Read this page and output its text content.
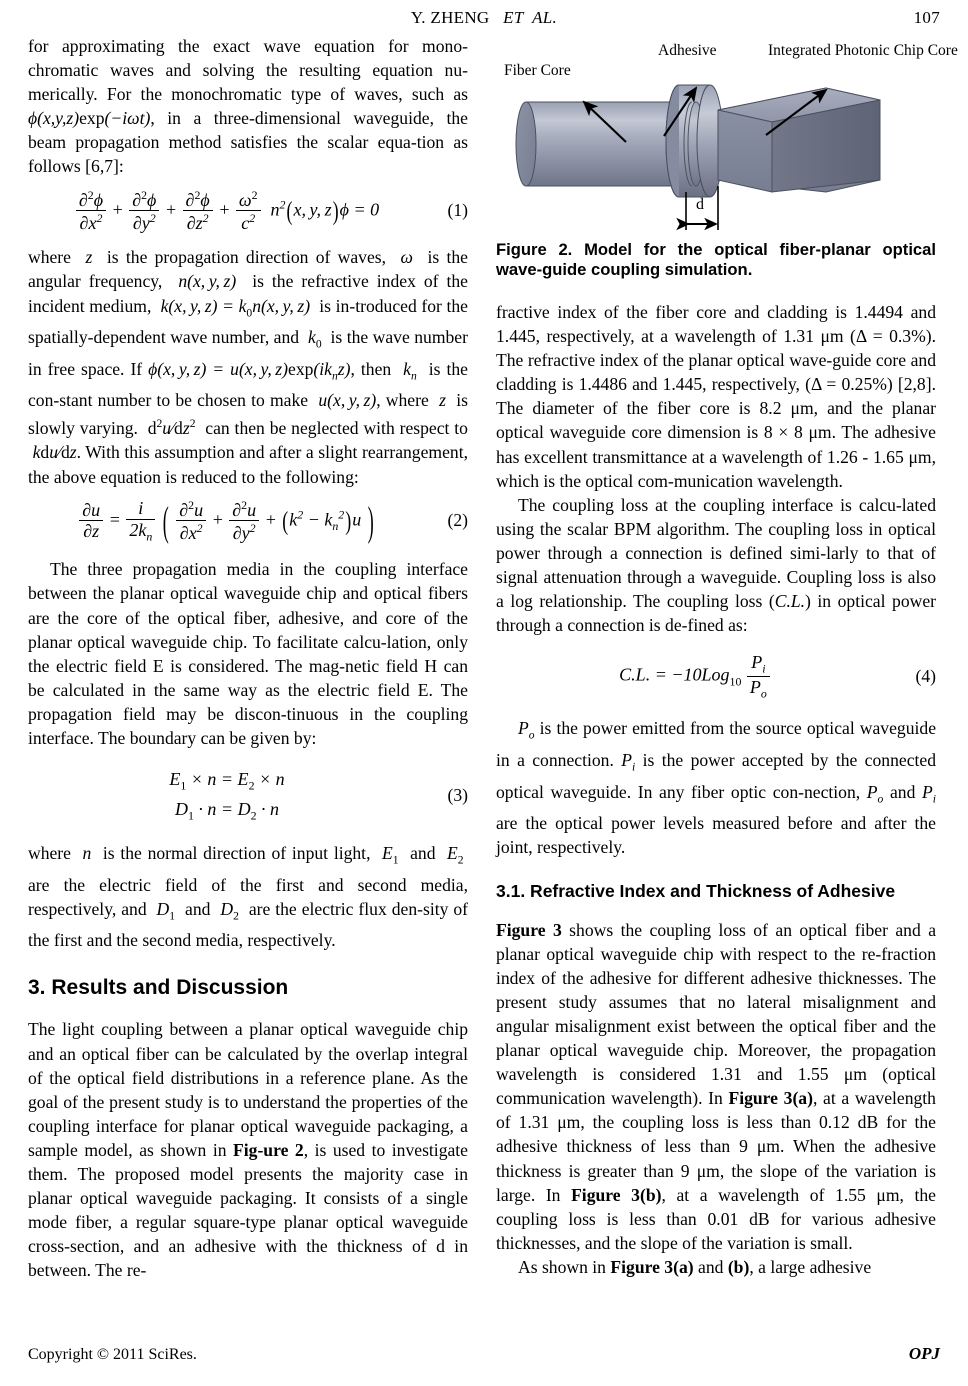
Y. ZHENG ET  AL.	107

for approximating the exact wave equation for mono-chromatic waves and solving the resulting equation nu-merically. For the monochromatic type of waves, such as ϕ(x,y,z)exp(−iωt), in a three-dimensional waveguide, the beam propagation method satisfies the scalar equa-tion as follows [6,7]:

$\frac{\partial^2\phi}{\partial x^2} + \frac{\partial^2\phi}{\partial y^2} + \frac{\partial^2\phi}{\partial z^2} + \frac{\omega^2}{c^2} n^2(x$, y, z)ϕ = 0	(1)

where  z  is the propagation direction of waves,  ω  is the angular frequency,  n(x, y, z)  is the refractive index of the incident medium,  k(x, y, $z) = k_0n(x$, y, z)  is in-troduced for the spatially-dependent wave number, and  $k_0$ is the wave number in free space. If ϕ(x, y, z) = u(x, y, $z)\exp(ik_nz)$, then  $k_n$ is the con-stant number to be chosen to make  u(x, y, z), where  z  is slowly varying. $d^2u⁄dz^2$ can then be neglected with respect to  kdu⁄dz. With this assumption and after a slight rearrangement, the above equation is reduced to the following:

$\frac{\partial u}{\partial z} = \frac{i}{2k_n}$ ( $\frac{\partial^2u}{\partial x^2} + \frac{\partial^2u}{\partial y^2} + (k^2 - k_n^2)u$ )	(2)

The three propagation media in the coupling interface between the planar optical waveguide chip and optical fibers are the core of the optical fiber, adhesive, and core of the planar optical waveguide chip. To facilitate calcu-lation, only the electric field E is considered. The mag-netic field H can be calculated in the same way as the electric field E. The propagation field may be discon-tinuous in the coupling interface. The boundary can be given by:

$E_1 \times n = E_2 \times n$
$D_1 \cdot n = D_2 \cdot n$
(3)

where  n  is the normal direction of input light,  $E_1$ and  $E_2$  are the electric field of the first and second media, respectively, and  $D_1$ and  $D_2$ are the electric flux den-sity of the first and the second media, respectively.

3. Results and Discussion

The light coupling between a planar optical waveguide chip and an optical fiber can be calculated by the overlap integral of the optical field distributions in a reference plane. As the goal of the present study is to understand the properties of the coupling interface for planar optical waveguide packaging, a sample model, as shown in Fig-ure 2, is used to investigate them. The proposed model presents the majority case in planar optical waveguide packaging. It consists of a single mode fiber, a regular square-type planar optical waveguide cross-section, and an adhesive with the thickness of d in between. The re-

Fiber Core
Adhesive	Integrated Photonic Chip Core
d

Figure 2. Model for the optical fiber-planar optical wave-guide coupling simulation.

fractive index of the fiber core and cladding is 1.4494 and 1.445, respectively, at a wavelength of 1.31 μm (Δ = 0.3%). The refractive index of the planar optical wave-guide core and cladding is 1.4486 and 1.445, respectively, (Δ = 0.25%) [2,8]. The diameter of the fiber core is 8.2 μm, and the planar optical waveguide core dimension is 8 × 8 μm. The adhesive has excellent transmittance at a wavelength of 1.26 - 1.65 μm, which is the optical com-munication wavelength.

The coupling loss at the coupling interface is calcu-lated using the scalar BPM algorithm. The coupling loss in optical power through a connection is defined simi-larly to that of signal attenuation through a waveguide. Coupling loss is also a log relationship. The coupling loss (C.L.) in optical power through a connection is de-fined as:

C.L. = $-10Log_{10} \frac{P_i}{P_o}$	(4)

$P_o$ is the power emitted from the source optical waveguide in a connection. $P_i$ is the power accepted by the connected optical waveguide. In any fiber optic con-nection, $P_o$ and $P_i$ are the optical power levels measured before and after the joint, respectively.

3.1. Refractive Index and Thickness of Adhesive

Figure 3 shows the coupling loss of an optical fiber and a planar optical waveguide chip with respect to the re-fraction index of the adhesive for different adhesive thicknesses. The present study assumes that no lateral misalignment and angular misalignment exist between the optical fiber and the planar optical waveguide chip. Moreover, the propagation wavelength is considered 1.31 and 1.55 μm (optical communication wavelength). In Figure 3(a), at a wavelength of 1.31 μm, the coupling loss is less than 0.12 dB for the adhesive thickness of less than 9 μm. When the adhesive thickness is greater than 9 μm, the slope of the variation is large. In Figure 3(b), at a wavelength of 1.55 μm, the coupling loss is less than 0.01 dB for various adhesive thicknesses, and the slope of the variation is small.

As shown in Figure 3(a) and (b), a large adhesive

Copyright © 2011 SciRes.	OPJ
